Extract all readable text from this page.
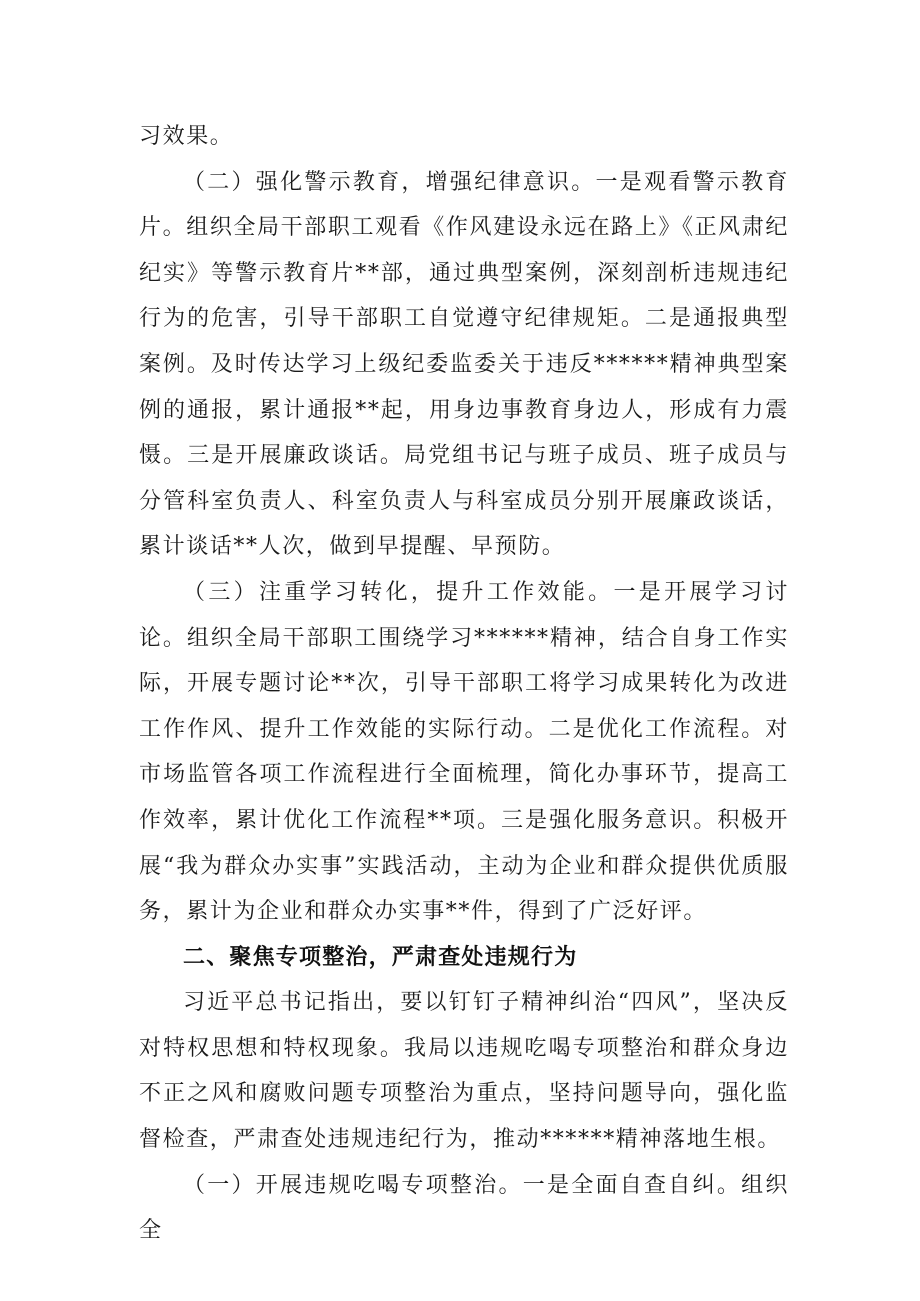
习效果。

（二）强化警示教育，增强纪律意识。一是观看警示教育片。组织全局干部职工观看《作风建设永远在路上》《正风肃纪纪实》等警示教育片**部，通过典型案例，深刻剖析违规违纪行为的危害，引导干部职工自觉遵守纪律规矩。二是通报典型案例。及时传达学习上级纪委监委关于违反******精神典型案例的通报，累计通报**起，用身边事教育身边人，形成有力震慑。三是开展廉政谈话。局党组书记与班子成员、班子成员与分管科室负责人、科室负责人与科室成员分别开展廉政谈话，累计谈话**人次，做到早提醒、早预防。

（三）注重学习转化，提升工作效能。一是开展学习讨论。组织全局干部职工围绕学习******精神，结合自身工作实际，开展专题讨论**次，引导干部职工将学习成果转化为改进工作作风、提升工作效能的实际行动。二是优化工作流程。对市场监管各项工作流程进行全面梳理，简化办事环节，提高工作效率，累计优化工作流程**项。三是强化服务意识。积极开展“我为群众办实事”实践活动，主动为企业和群众提供优质服务，累计为企业和群众办实事**件，得到了广泛好评。

二、聚焦专项整治，严肃查处违规行为

习近平总书记指出，要以钉钉子精神纠治“四风”，坚决反对特权思想和特权现象。我局以违规吃喝专项整治和群众身边不正之风和腐败问题专项整治为重点，坚持问题导向，强化监督检查，严肃查处违规违纪行为，推动******精神落地生根。

（一）开展违规吃喝专项整治。一是全面自查自纠。组织全
